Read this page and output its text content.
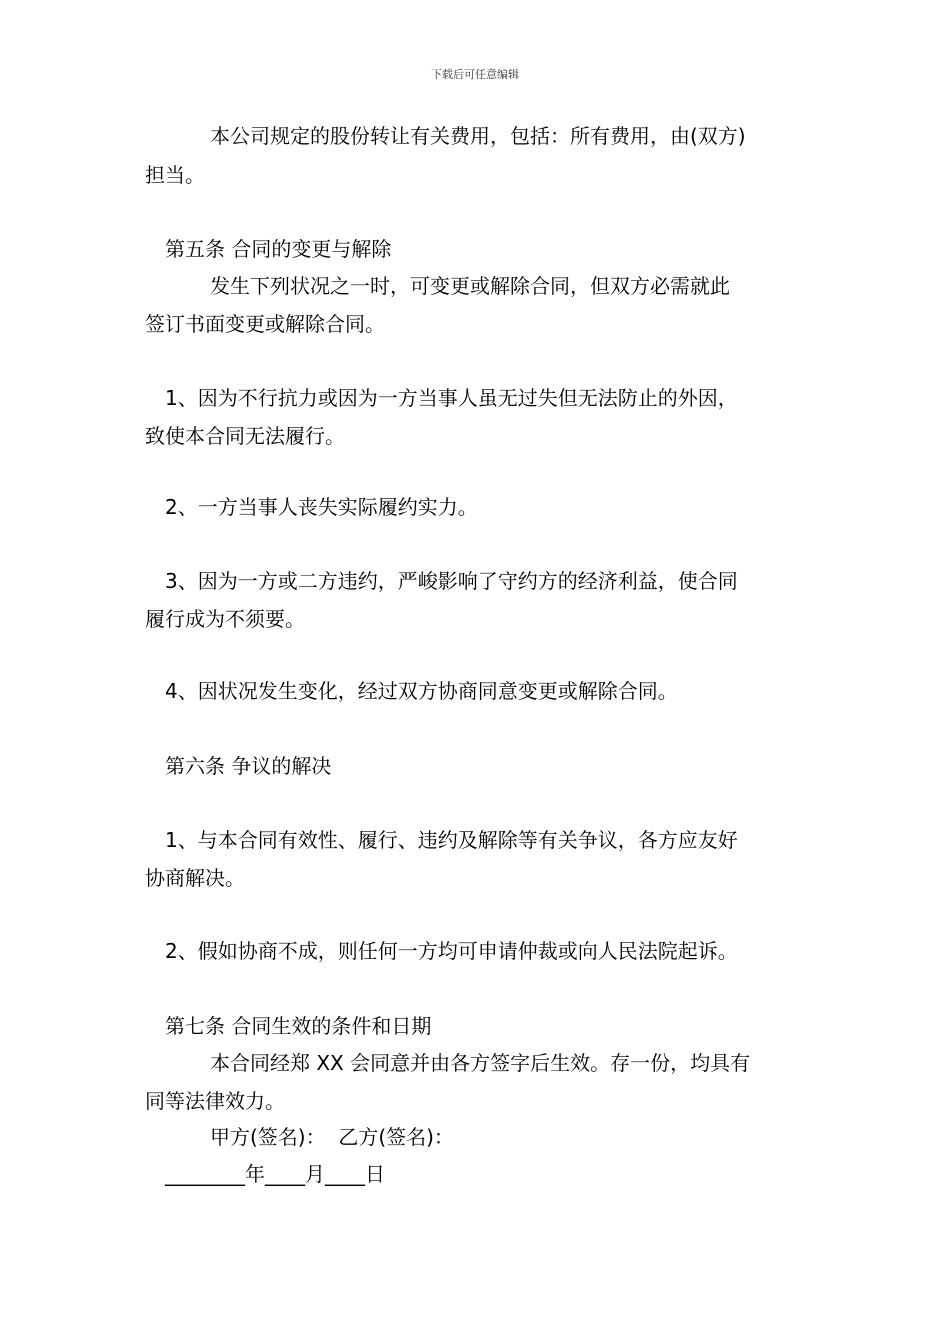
下载后可任意编辑
本公司规定的股份转让有关费用，包括：所有费用，由(双方)
担当。
第五条 合同的变更与解除
发生下列状况之一时，可变更或解除合同，但双方必需就此
签订书面变更或解除合同。
1、因为不行抗力或因为一方当事人虽无过失但无法防止的外因，
致使本合同无法履行。
2、一方当事人丧失实际履约实力。
3、因为一方或二方违约，严峻影响了守约方的经济利益，使合同
履行成为不须要。
4、因状况发生变化，经过双方协商同意变更或解除合同。
第六条 争议的解决
1、与本合同有效性、履行、违约及解除等有关争议，各方应友好
协商解决。
2、假如协商不成，则任何一方均可申请仲裁或向人民法院起诉。
第七条 合同生效的条件和日期
本合同经郑 XX 会同意并由各方签字后生效。存一份，均具有
同等法律效力。
甲方(签名)：  乙方(签名)：
________年____月____日
